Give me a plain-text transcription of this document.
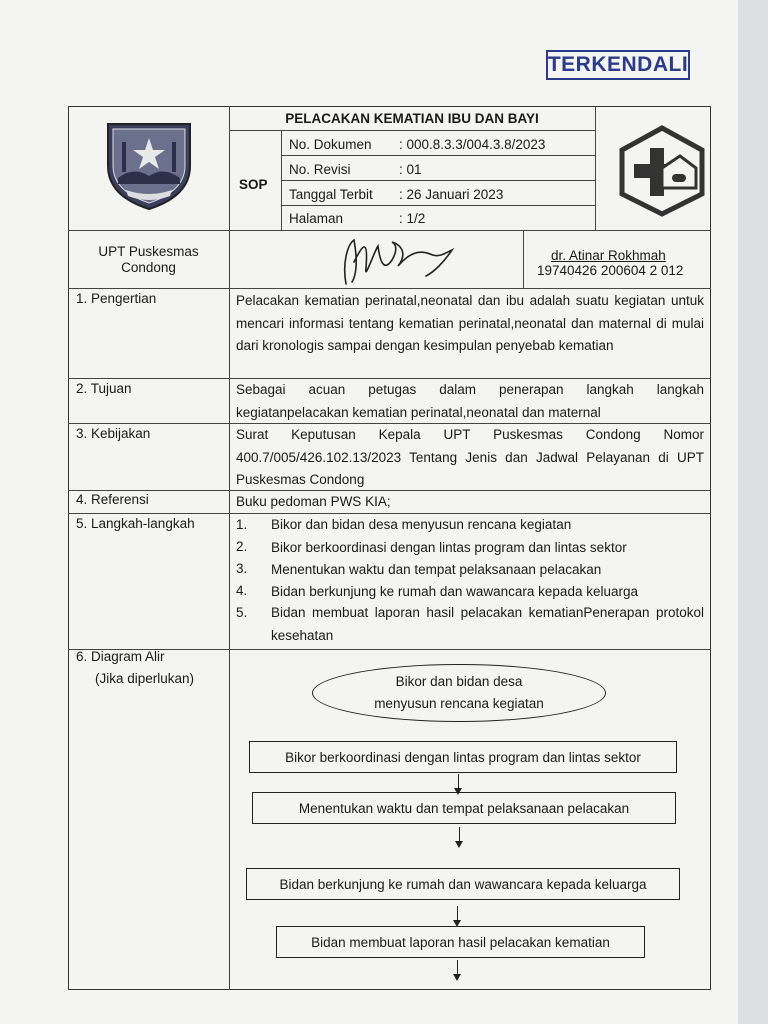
TERKENDALI
PELACAKAN KEMATIAN IBU DAN BAYI
SOP
No. Dokumen : 000.8.3.3/004.3.8/2023
No. Revisi	: 01
Tanggal Terbit : 26 Januari 2023
Halaman	: 1/2
UPT Puskesmas
Condong
dr. Atinar Rokhmah
19740426 200604 2 012
1. Pengertian	Pelacakan kematian perinatal,neonatal dan ibu adalah suatu kegiatan untuk mencari informasi tentang kematian perinatal,neonatal dan maternal di mulai dari kronologis sampai dengan kesimpulan penyebab kematian
2. Tujuan	Sebagai acuan petugas dalam penerapan langkah langkah kegiatanpelacakan kematian perinatal,neonatal dan maternal
3. Kebijakan	Surat Keputusan Kepala UPT Puskesmas Condong Nomor 400.7/005/426.102.13/2023 Tentang Jenis dan Jadwal Pelayanan di UPT Puskesmas Condong
4. Referensi	Buku pedoman PWS KIA;
5. Langkah-langkah	1. Bikor dan bidan desa menyusun rencana kegiatan
2. Bikor berkoordinasi dengan lintas program dan lintas sektor
3. Menentukan waktu dan tempat pelaksanaan pelacakan
4. Bidan berkunjung ke rumah dan wawancara kepada keluarga
5. Bidan membuat laporan hasil pelacakan kematianPenerapan protokol kesehatan
6. Diagram Alir
(Jika diperlukan)	Bikor dan bidan desa
menyusun rencana kegiatan
Bikor berkoordinasi dengan lintas program dan lintas sektor
Menentukan waktu dan tempat pelaksanaan pelacakan
Bidan berkunjung ke rumah dan wawancara kepada keluarga
Bidan membuat laporan hasil pelacakan kematian
